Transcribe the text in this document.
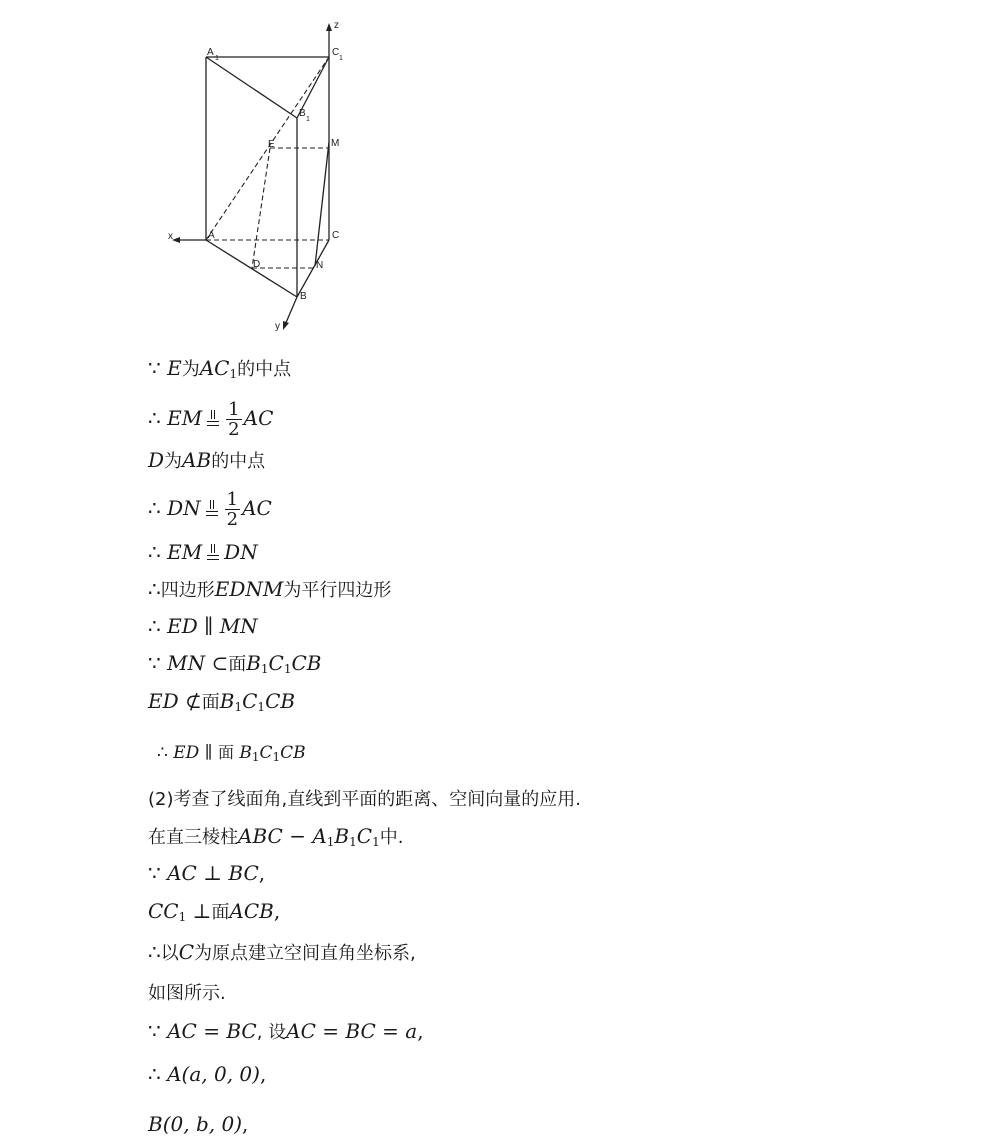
A
1
C
1
B
1
E	M
A	C
D	N
B
x
y
z
∵ E为AC1的中点
∴ EM $\frac{1}{2}$ AC
D为AB的中点
∴ DN $\frac{1}{2}$ AC
∴ EM DN
∴四边形EDNM为平行四边形
∴ ED ∥ MN
∵ MN ⊂面B1C1CB
ED ⊄面B1C1CB
∴ ED ∥ 面 B1C1CB
(2)考查了线面角,直线到平面的距离、空间向量的应用.
在直三棱柱ABC − A1B1C1中.
∵ AC ⊥ BC,
CC1 ⊥面ACB,
∴以C为原点建立空间直角坐标系,
如图所示.
∵ AC = BC, 设AC = BC = a,
∴ A(a, 0, 0),
B(0, b, 0),
